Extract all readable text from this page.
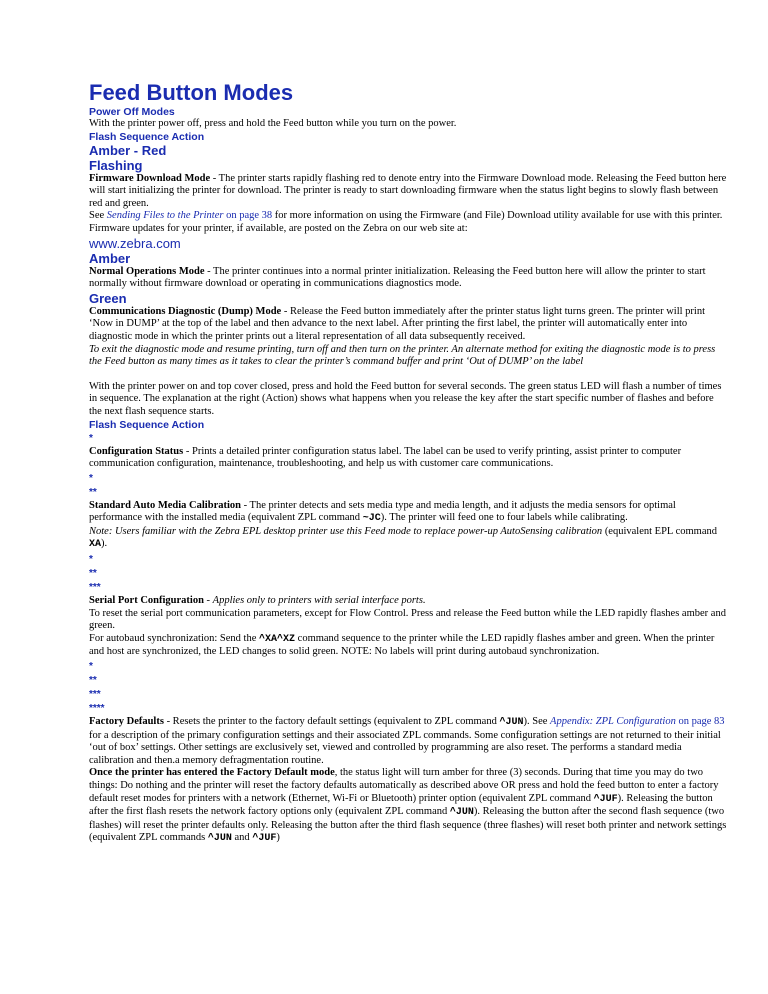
Feed Button Modes
Power Off Modes

With the printer power off, press and hold the Feed button while you turn on the power.

Flash Sequence Action
Amber - Red
Flashing

Firmware Download Mode - The printer starts rapidly flashing red to denote entry into the Firmware Download mode. Releasing the Feed button here will start initializing the printer for download. The printer is ready to start downloading firmware when the status light begins to slowly flash between red and green.

See Sending Files to the Printer on page 38 for more information on using the Firmware (and File) Download utility available for use with this printer. Firmware updates for your printer, if available, are posted on the Zebra on our web site at:

www.zebra.com
Amber

Normal Operations Mode - The printer continues into a normal printer initialization. Releasing the Feed button here will allow the printer to start normally without firmware download or operating in communications diagnostics mode.

Green

Communications Diagnostic (Dump) Mode - Release the Feed button immediately after the printer status light turns green. The printer will print ‘Now in DUMP’ at the top of the label and then advance to the next label. After printing the first label, the printer will automatically enter into diagnostic mode in which the printer prints out a literal representation of all data subsequently received.

To exit the diagnostic mode and resume printing, turn off and then turn on the printer. An alternate method for exiting the diagnostic mode is to press the Feed button as many times as it takes to clear the printer’s command buffer and print ‘Out of DUMP’ on the label

With the printer power on and top cover closed, press and hold the Feed button for several seconds. The green status LED will flash a number of times in sequence. The explanation at the right (Action) shows what happens when you release the key after the start specific number of flashes and before the next flash sequence starts.

Flash Sequence Action
*

Configuration Status - Prints a detailed printer configuration status label. The label can be used to verify printing, assist printer to computer communication configuration, maintenance, troubleshooting, and help us with customer care communications.

*
**

Standard Auto Media Calibration - The printer detects and sets media type and media length, and it adjusts the media sensors for optimal performance with the installed media (equivalent ZPL command ~JC). The printer will feed one to four labels while calibrating.

Note: Users familiar with the Zebra EPL desktop printer use this Feed mode to replace power-up AutoSensing calibration (equivalent EPL command XA).

*
**
***

Serial Port Configuration - Applies only to printers with serial interface ports.

To reset the serial port communication parameters, except for Flow Control. Press and release the Feed button while the LED rapidly flashes amber and green.

For autobaud synchronization: Send the ^XA^XZ command sequence to the printer while the LED rapidly flashes amber and green. When the printer and host are synchronized, the LED changes to solid green. NOTE: No labels will print during autobaud synchronization.

*
**
***
****

Factory Defaults - Resets the printer to the factory default settings (equivalent to ZPL command ^JUN). See Appendix: ZPL Configuration on page 83 for a description of the primary configuration settings and their associated ZPL commands. Some configuration settings are not returned to their initial ‘out of box’ settings. Other settings are exclusively set, viewed and controlled by programming are also reset. The performs a standard media calibration and then.a memory defragmentation routine.

Once the printer has entered the Factory Default mode, the status light will turn amber for three (3) seconds. During that time you may do two things: Do nothing and the printer will reset the factory defaults automatically as described above OR press and hold the feed button to enter a factory default reset modes for printers with a network (Ethernet, Wi-Fi or Bluetooth) printer option (equivalent ZPL command ^JUF). Releasing the button after the first flash resets the network factory options only (equivalent ZPL command ^JUN). Releasing the button after the second flash sequence (two flashes) will reset the printer defaults only. Releasing the button after the third flash sequence (three flashes) will reset both printer and network settings (equivalent ZPL commands ^JUN and ^JUF)
